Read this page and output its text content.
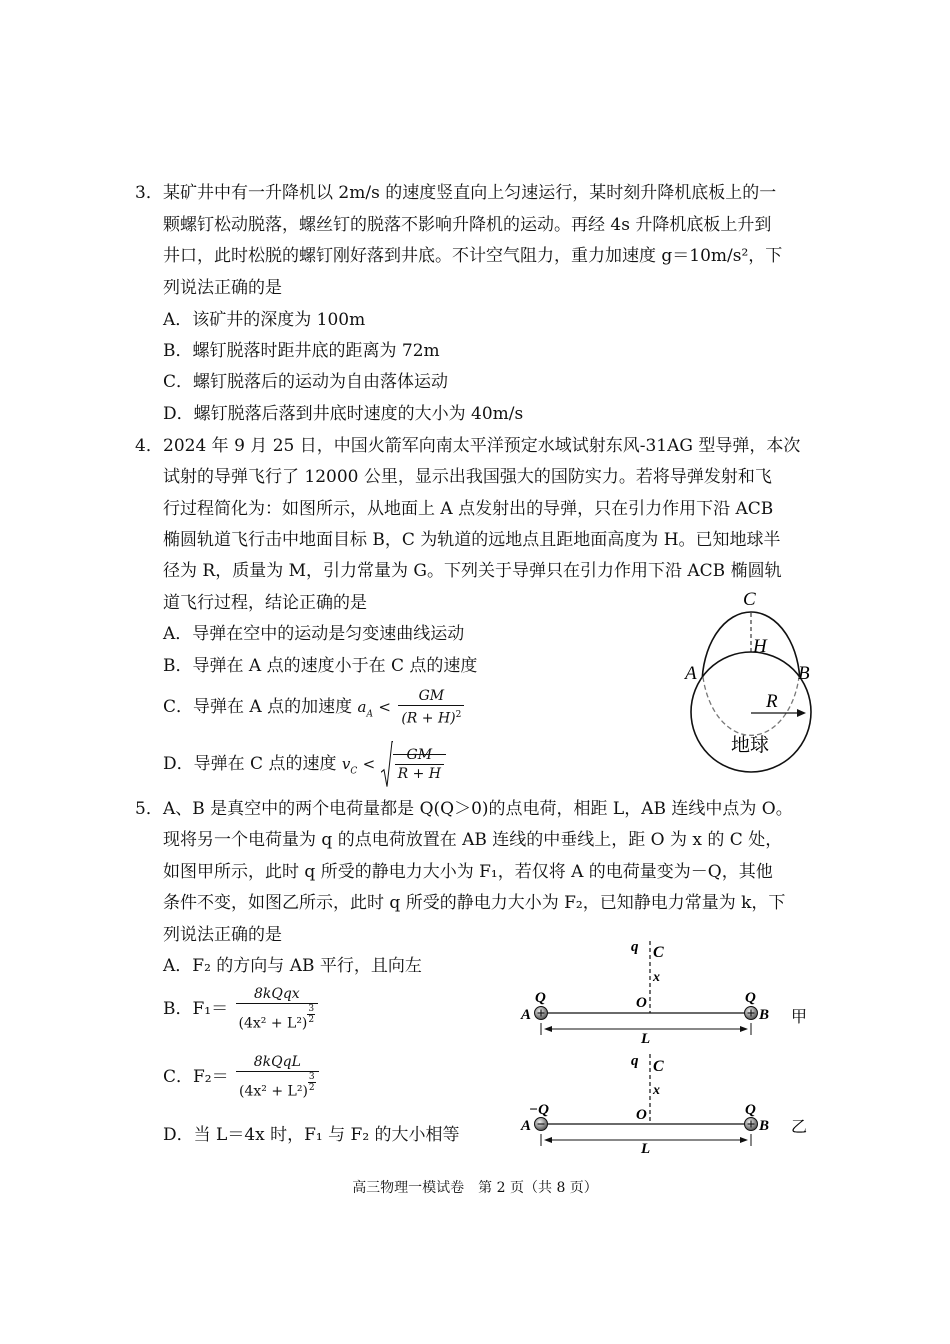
3． 某矿井中有一升降机以 2m/s 的速度竖直向上匀速运行，某时刻升降机底板上的一
颗螺钉松动脱落，螺丝钉的脱落不影响升降机的运动。再经 4s 升降机底板上升到
井口，此时松脱的螺钉刚好落到井底。不计空气阻力，重力加速度 g＝10m/s²，下
列说法正确的是
A．该矿井的深度为 100m
B．螺钉脱落时距井底的距离为 72m
C．螺钉脱落后的运动为自由落体运动
D．螺钉脱落后落到井底时速度的大小为 40m/s
4． 2024 年 9 月 25 日，中国火箭军向南太平洋预定水域试射东风-31AG 型导弹，本次
试射的导弹飞行了 12000 公里，显示出我国强大的国防实力。若将导弹发射和飞
行过程简化为：如图所示，从地面上 A 点发射出的导弹，只在引力作用下沿 ACB
椭圆轨道飞行击中地面目标 B，C 为轨道的远地点且距地面高度为 H。已知地球半
径为 R，质量为 M，引力常量为 G。下列关于导弹只在引力作用下沿 ACB 椭圆轨
道飞行过程，结论正确的是
A．导弹在空中的运动是匀变速曲线运动
B．导弹在 A 点的速度小于在 C 点的速度
C．导弹在 A 点的加速度 $a_A < \frac{GM}{(R + H)^2}$
D．导弹在 C 点的速度 $v_C < \frac{GM}{R + H}$
C
H
A	B
R
地球
5． A、B 是真空中的两个电荷量都是 Q(Q＞0)的点电荷，相距 L，AB 连线中点为 O。
现将另一个电荷量为 q 的点电荷放置在 AB 连线的中垂线上，距 O 为 x 的 C 处，
如图甲所示，此时 q 所受的静电力大小为 F₁，若仅将 A 的电荷量变为－Q，其他
条件不变，如图乙所示，此时 q 所受的静电力大小为 F₂，已知静电力常量为 k，下
列说法正确的是
A．F₂ 的方向与 AB 平行，且向左
B．$F_1= \frac{\text{8kQqx}}{(4x^2 + L^2) \frac{3}{2}}$
C．$F_2= \frac{\text{8kQqL}}{(4x^2 + L^2) \frac{3}{2}}$
D．当 L＝4x 时，F₁ 与 F₂ 的大小相等
q C
x
Q	Q
A	B
O
L
甲
q C
x
−Q	Q
A	B
O
L
乙
高三物理一模试卷　第 2 页（共 8 页）
